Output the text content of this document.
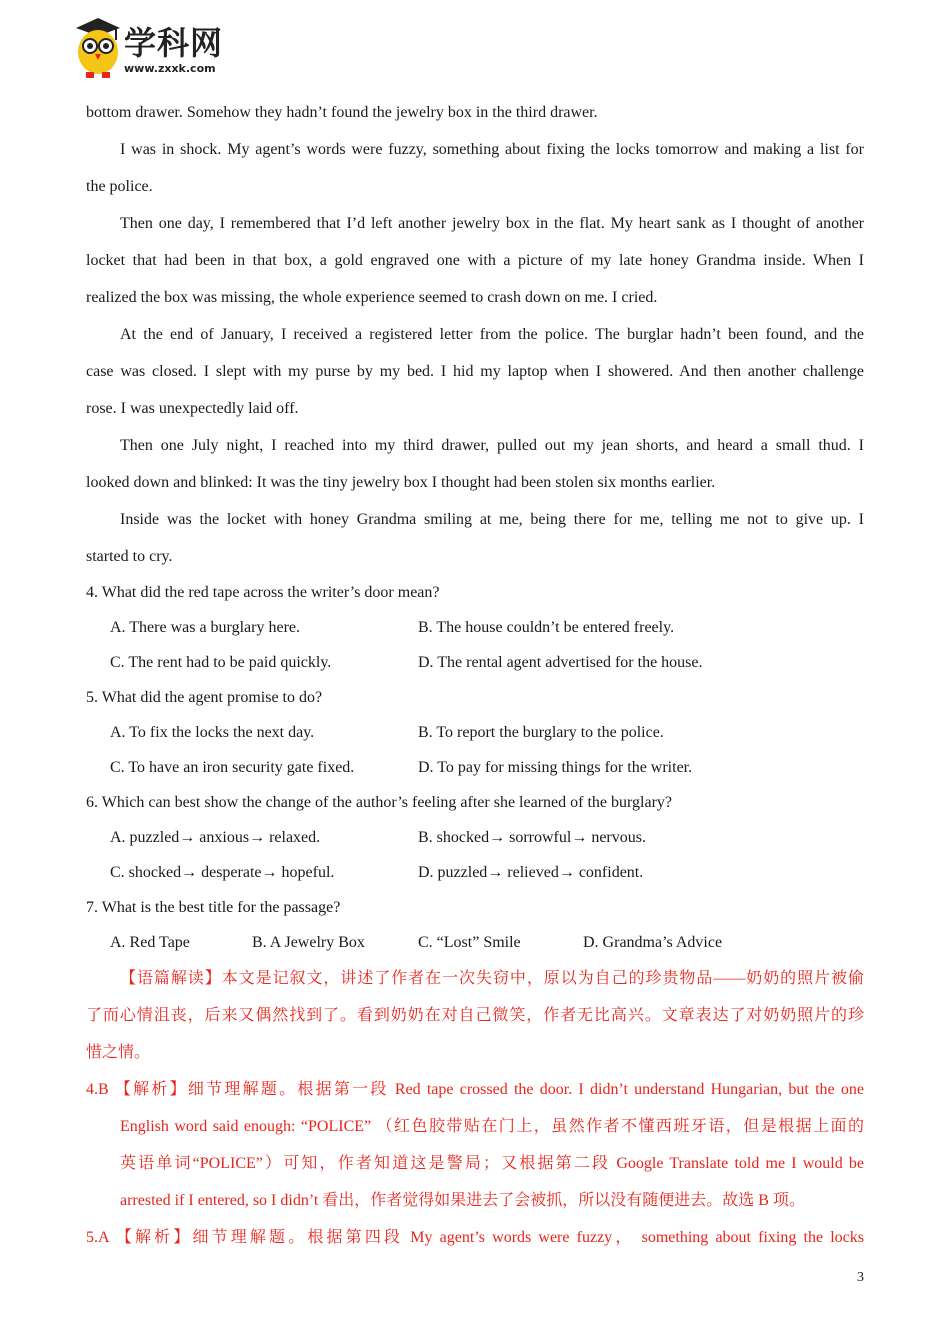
学科网
www.zxxk.com
bottom drawer. Somehow they hadn’t found the jewelry box in the third drawer.
I was in shock. My agent’s words were fuzzy, something about fixing the locks tomorrow and making a list for
the police.
Then one day, I remembered that I’d left another jewelry box in the flat. My heart sank as I thought of another
locket that had been in that box, a gold engraved one with a picture of my late honey Grandma inside. When I
realized the box was missing, the whole experience seemed to crash down on me. I cried.
At the end of January, I received a registered letter from the police. The burglar hadn’t been found, and the
case was closed. I slept with my purse by my bed. I hid my laptop when I showered. And then another challenge
rose. I was unexpectedly laid off.
Then one July night, I reached into my third drawer, pulled out my jean shorts, and heard a small thud. I
looked down and blinked: It was the tiny jewelry box I thought had been stolen six months earlier.
Inside was the locket with honey Grandma smiling at me, being there for me, telling me not to give up. I
started to cry.
4. What did the red tape across the writer’s door mean?
A. There was a burglary here.	B. The house couldn’t be entered freely.
C. The rent had to be paid quickly.	D. The rental agent advertised for the house.
5. What did the agent promise to do?
A. To fix the locks the next day.	B. To report the burglary to the police.
C. To have an iron security gate fixed.	D. To pay for missing things for the writer.
6. Which can best show the change of the author’s feeling after she learned of the burglary?
A. puzzled→ anxious→ relaxed.	B. shocked→ sorrowful→ nervous.
C. shocked→ desperate→ hopeful.	D. puzzled→ relieved→ confident.
7. What is the best title for the passage?
A. Red Tape	B. A Jewelry Box	C. “Lost” Smile	D. Grandma’s Advice
【语篇解读】本文是记叙文，讲述了作者在一次失窃中，原以为自己的珍贵物品——奶奶的照片被偷
了而心情沮丧，后来又偶然找到了。看到奶奶在对自己微笑，作者无比高兴。文章表达了对奶奶照片的珍
惜之情。
4.B 【解析】细节理解题。根据第一段 Red tape crossed the door. I didn’t understand Hungarian, but the one
English word said enough: “POLICE” （红色胶带贴在门上，虽然作者不懂西班牙语，但是根据上面的
英语单词“POLICE”）可知，作者知道这是警局；又根据第二段 Google Translate told me I would be
arrested if I entered, so I didn’t 看出，作者觉得如果进去了会被抓，所以没有随便进去。故选 B 项。
5.A 【解析】细节理解题。根据第四段 My agent’s words were fuzzy， something about fixing the locks
3
